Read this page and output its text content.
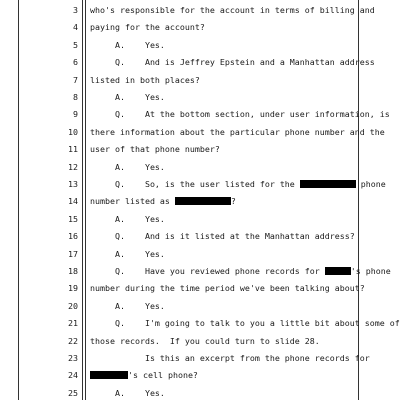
3 who's responsible for the account in terms of billing and
4 paying for the account?
5 A.    Yes.
6 Q.    And is Jeffrey Epstein and a Manhattan address
7 listed in both places?
8 A.    Yes.
9 Q.    At the bottom section, under user information, is
10 there information about the particular phone number and the
11 user of that phone number?
12 A.    Yes.
13 Q.    So, is the user listed for the	phone
14 number listed as	?
15 A.    Yes.
16 Q.    And is it listed at the Manhattan address?
17 A.    Yes.
18 Q.    Have you reviewed phone records for	's phone
19 number during the time period we've been talking about?
20 A.    Yes.
21 Q.    I'm going to talk to you a little bit about some of
22 those records.  If you could turn to slide 28.
23 Is this an excerpt from the phone records for
24	's cell phone?
25 A.    Yes.
